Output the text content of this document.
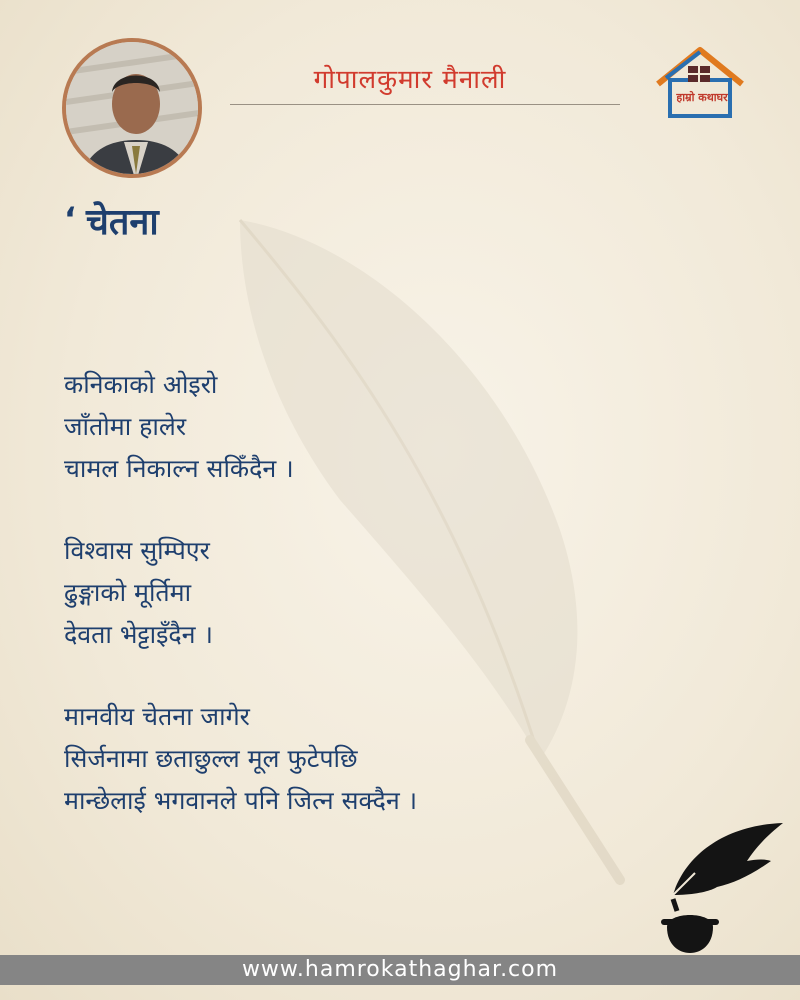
गोपालकुमार मैनाली
हाम्रो कथाघर
‘ चेतना
कनिकाको ओइरो
जाँतोमा हालेर
चामल निकाल्न सकिँदैन ।
विश्वास सुम्पिएर
ढुङ्गाको मूर्तिमा
देवता भेट्टाइँदैन ।
मानवीय चेतना जागेर
सिर्जनामा छताछुल्ल मूल फुटेपछि
मान्छेलाई भगवानले पनि जित्न सक्दैन ।
www.hamrokathaghar.com
